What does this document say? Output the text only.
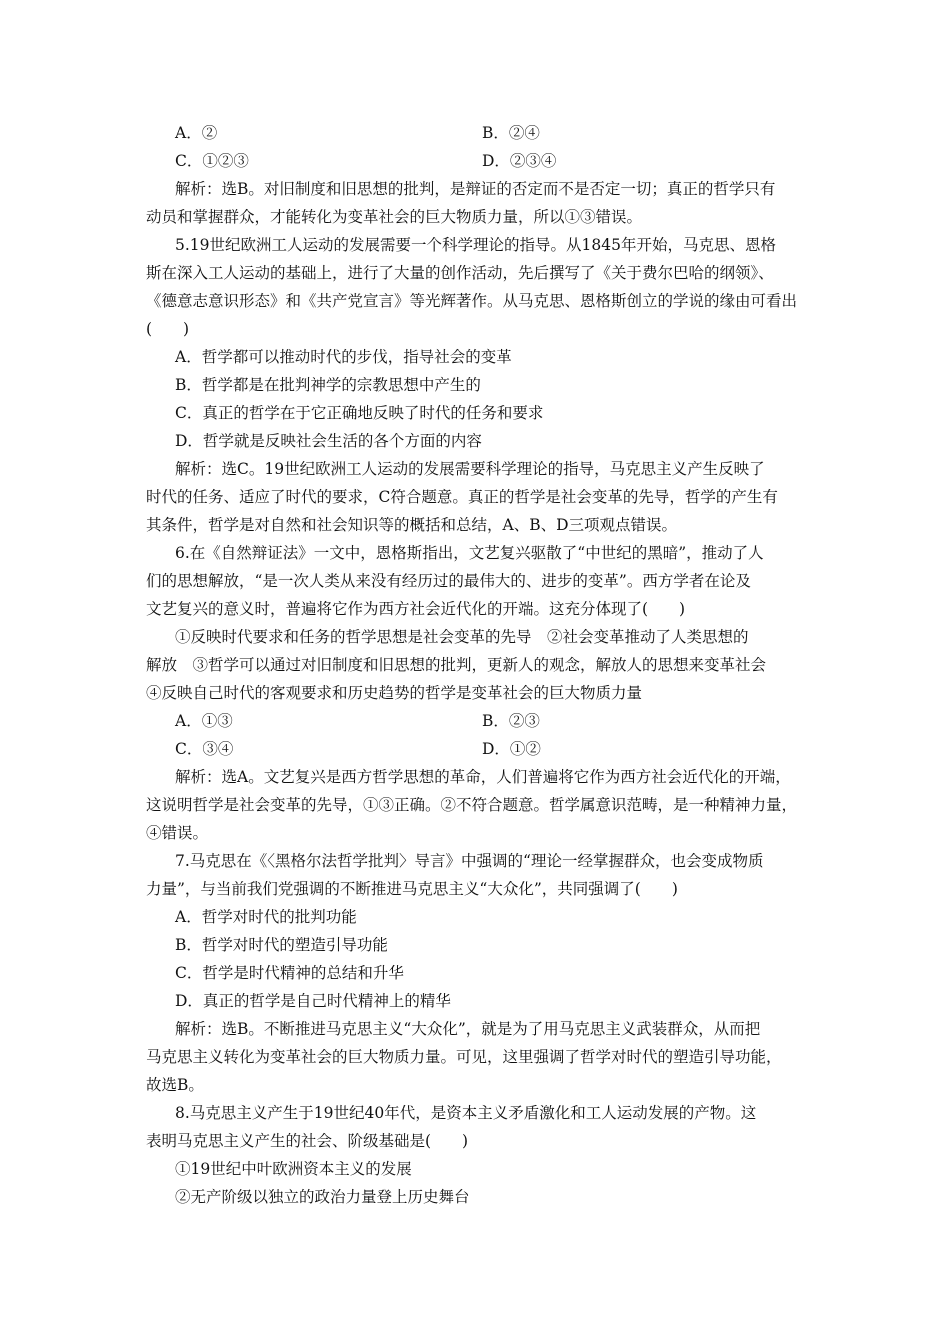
A．②	B．②④
C．①②③	D．②③④
解析：选B。对旧制度和旧思想的批判，是辩证的否定而不是否定一切；真正的哲学只有
动员和掌握群众，才能转化为变革社会的巨大物质力量，所以①③错误。
5.19世纪欧洲工人运动的发展需要一个科学理论的指导。从1845年开始，马克思、恩格
斯在深入工人运动的基础上，进行了大量的创作活动，先后撰写了《关于费尔巴哈的纲领》、
《德意志意识形态》和《共产党宣言》等光辉著作。从马克思、恩格斯创立的学说的缘由可看出
(　　)
A．哲学都可以推动时代的步伐，指导社会的变革
B．哲学都是在批判神学的宗教思想中产生的
C．真正的哲学在于它正确地反映了时代的任务和要求
D．哲学就是反映社会生活的各个方面的内容
解析：选C。19世纪欧洲工人运动的发展需要科学理论的指导，马克思主义产生反映了
时代的任务、适应了时代的要求，C符合题意。真正的哲学是社会变革的先导，哲学的产生有
其条件，哲学是对自然和社会知识等的概括和总结，A、B、D三项观点错误。
6.在《自然辩证法》一文中，恩格斯指出，文艺复兴驱散了“中世纪的黑暗”，推动了人
们的思想解放，“是一次人类从来没有经历过的最伟大的、进步的变革”。西方学者在论及
文艺复兴的意义时，普遍将它作为西方社会近代化的开端。这充分体现了(　　)
①反映时代要求和任务的哲学思想是社会变革的先导　②社会变革推动了人类思想的
解放　③哲学可以通过对旧制度和旧思想的批判，更新人的观念，解放人的思想来变革社会
④反映自己时代的客观要求和历史趋势的哲学是变革社会的巨大物质力量
A．①③	B．②③
C．③④	D．①②
解析：选A。文艺复兴是西方哲学思想的革命，人们普遍将它作为西方社会近代化的开端，
这说明哲学是社会变革的先导，①③正确。②不符合题意。哲学属意识范畴，是一种精神力量，
④错误。
7.马克思在《〈黑格尔法哲学批判〉导言》中强调的“理论一经掌握群众，也会变成物质
力量”，与当前我们党强调的不断推进马克思主义“大众化”，共同强调了(　　)
A．哲学对时代的批判功能
B．哲学对时代的塑造引导功能
C．哲学是时代精神的总结和升华
D．真正的哲学是自己时代精神上的精华
解析：选B。不断推进马克思主义“大众化”，就是为了用马克思主义武装群众，从而把
马克思主义转化为变革社会的巨大物质力量。可见，这里强调了哲学对时代的塑造引导功能，
故选B。
8.马克思主义产生于19世纪40年代，是资本主义矛盾激化和工人运动发展的产物。这
表明马克思主义产生的社会、阶级基础是(　　)
①19世纪中叶欧洲资本主义的发展
②无产阶级以独立的政治力量登上历史舞台
